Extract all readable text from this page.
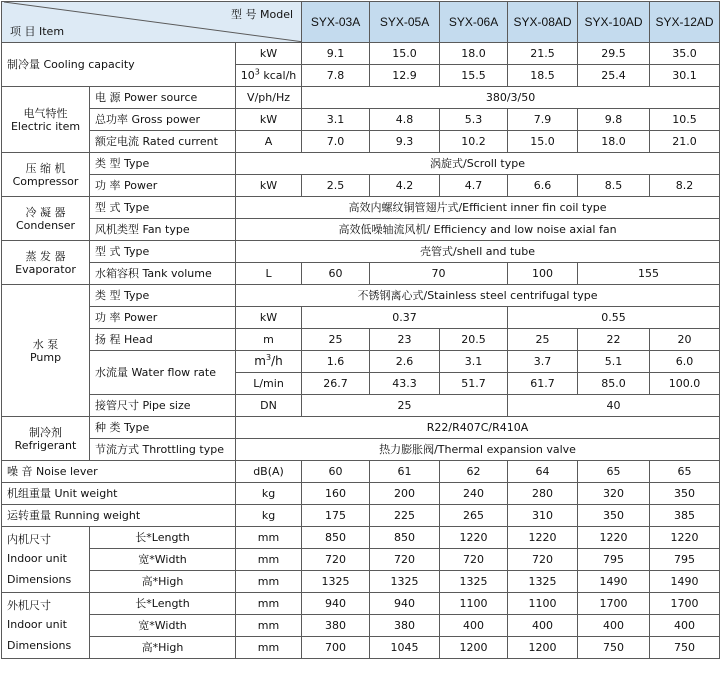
型 号 Model
项 目 Item			SYX-03A	SYX-05A	SYX-06A	SYX-08AD	SYX-10AD	SYX-12AD
制冷量 Cooling capacity		kW	9.1	15.0	18.0	21.5	29.5	35.0
		$10^3$ kcal/h	7.8	12.9	15.5	18.5	25.4	30.1

电气特性
Electric item	电 源 Power source	V/ph/Hz	380/3/50					
	总功率 Gross power	kW	3.1	4.8	5.3	7.9	9.8	10.5
	额定电流 Rated current	A	7.0	9.3	10.2	15.0	18.0	21.0

压 缩 机
Compressor	类 型 Type	涡旋式/Scroll type						
	功 率 Power	kW	2.5	4.2	4.7	6.6	8.5	8.2

冷 凝 器
Condenser	型 式 Type	高效内螺纹铜管翅片式/Efficient inner fin coil type						
	风机类型 Fan type	高效低噪轴流风机/ Efficiency and low noise axial fan						

蒸 发 器
Evaporator	型 式 Type	壳管式/shell and tube						
	水箱容积 Tank volume	L	60	70		100	155	

水 泵
Pump	类 型 Type	不锈钢离心式/Stainless steel centrifugal type						
	功 率 Power	kW	0.37			0.55		
	扬 程 Head	m	25	23	20.5	25	22	20
	水流量 Water flow rate	$m^3/h$	1.6	2.6	3.1	3.7	5.1	6.0
		L/min	26.7	43.3	51.7	61.7	85.0	100.0
	接管尺寸 Pipe size	DN	25			40		

制冷剂
Refrigerant	种 类 Type	R22/R407C/R410A						
	节流方式 Throttling type	热力膨胀阀/Thermal expansion valve						
噪 音 Noise lever		dB(A)	60	61	62	64	65	65
机组重量 Unit weight		kg	160	200	240	280	320	350
运转重量 Running weight		kg	175	225	265	310	350	385

内机尺寸
Indoor unit
Dimensions	长*Length	mm	850	850	1220	1220	1220	1220
	宽*Width	mm	720	720	720	720	795	795
	高*High	mm	1325	1325	1325	1325	1490	1490

外机尺寸
Indoor unit
Dimensions	长*Length	mm	940	940	1100	1100	1700	1700
	宽*Width	mm	380	380	400	400	400	400
	高*High	mm	700	1045	1200	1200	750	750
